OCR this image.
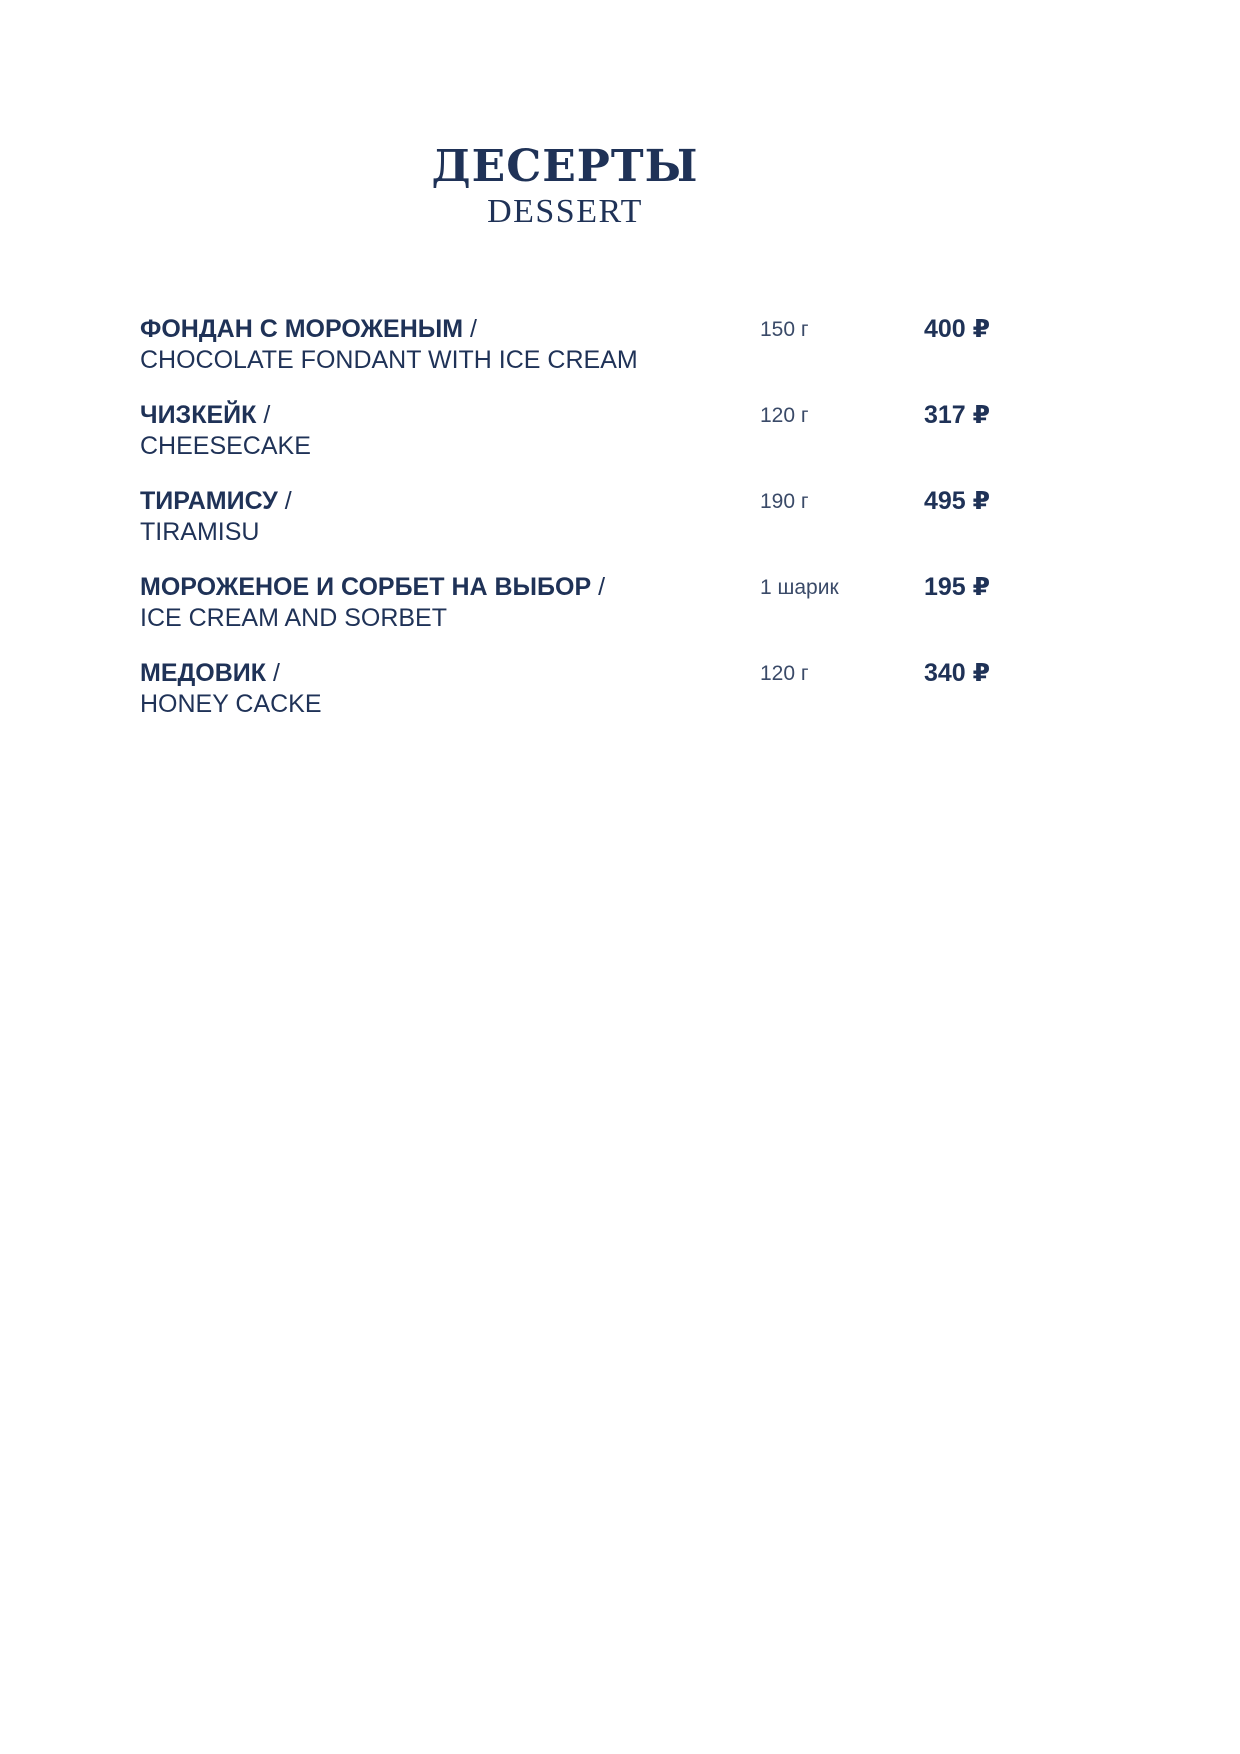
ДЕСЕРТЫ
DESSERT
ФОНДАН С МОРОЖЕНЫМ /
CHOCOLATE FONDANT WITH ICE CREAM
150 г	400 ₽
ЧИЗКЕЙК /
CHEESECAKE
120 г	317 ₽
ТИРАМИСУ /
TIRAMISU
190 г	495 ₽
МОРОЖЕНОЕ И СОРБЕТ НА ВЫБОР /
ICE CREAM AND SORBET
1 шарик	195 ₽
МЕДОВИК /
HONEY CACKE
120 г	340 ₽
